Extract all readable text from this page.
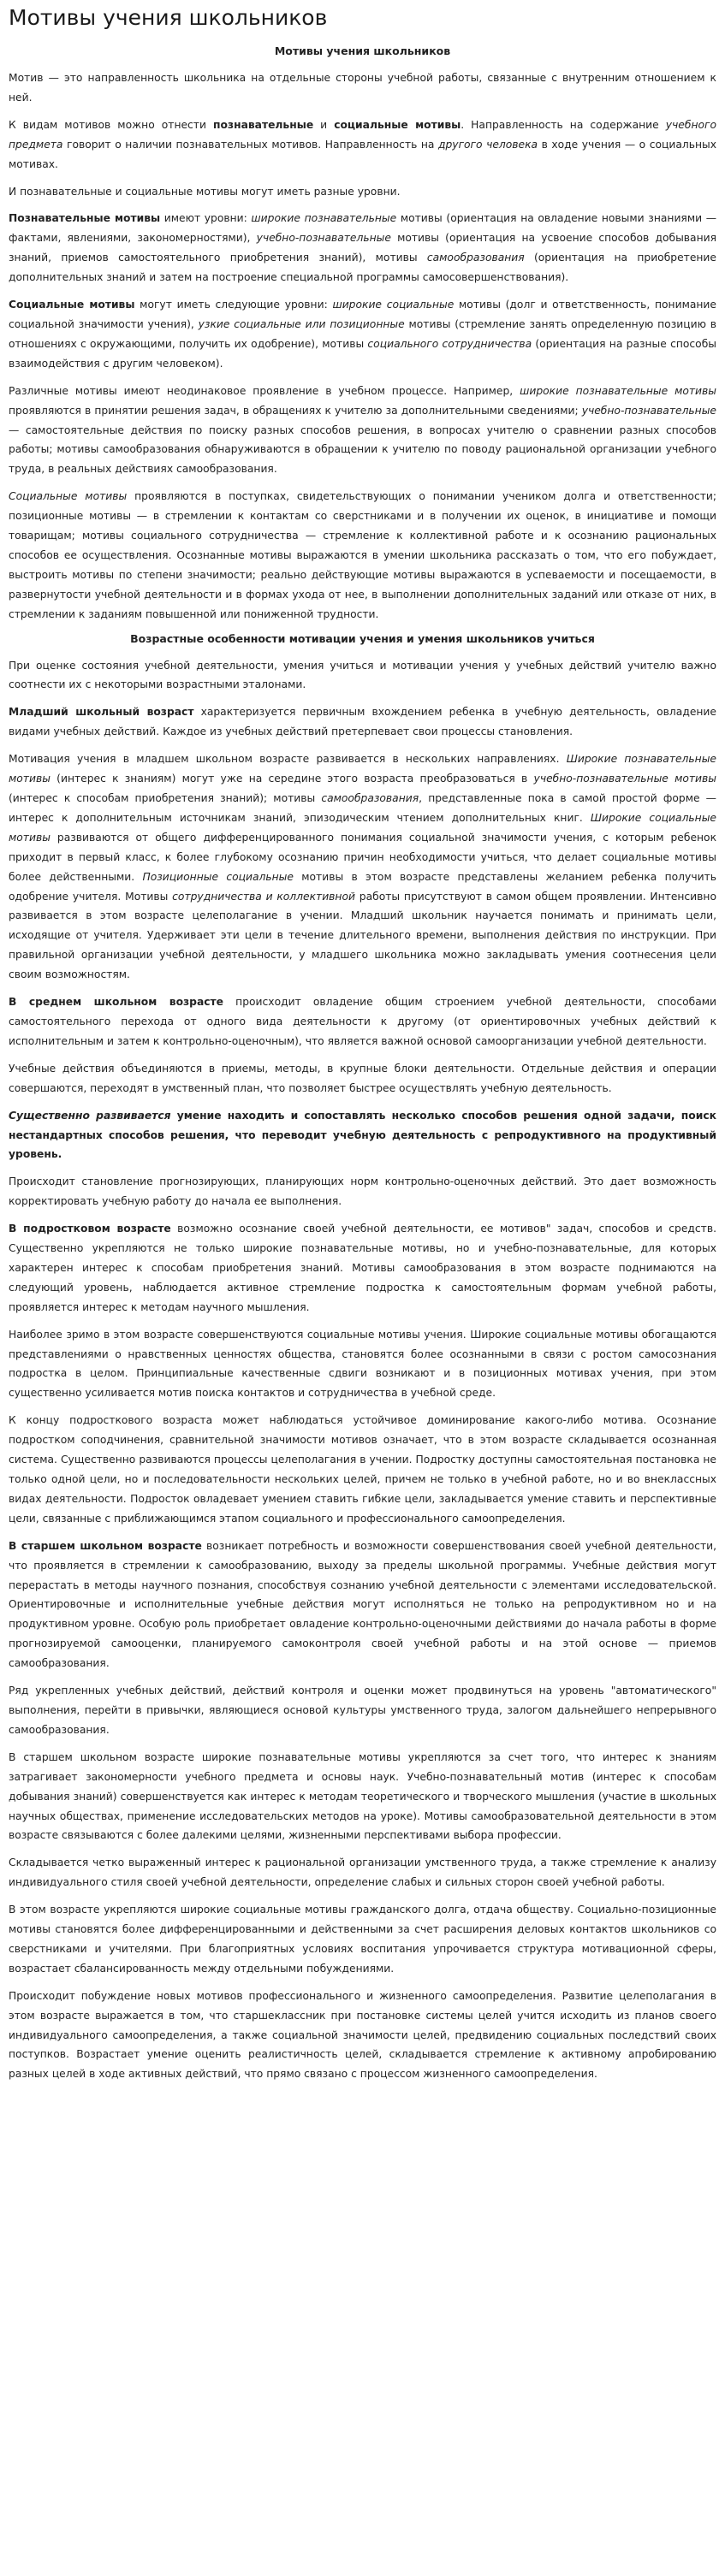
Мотивы учения школьников
Мотивы учения школьников

Мотив — это направленность школьника на отдельные стороны учебной работы, связанные с внутренним отношением к ней.

К видам мотивов можно отнести познавательные и социальные мотивы. Направленность на содержание учебного предмета говорит о наличии познавательных мотивов. Направленность на другого человека в ходе учения — о социальных мотивах.

И познавательные и социальные мотивы могут иметь разные уровни.

Познавательные мотивы имеют уровни: широкие познавательные мотивы (ориентация на овладение новыми знаниями — фактами, явлениями, закономерностями), учебно-познавательные мотивы (ориентация на усвоение способов добывания знаний, приемов самостоятельного приобретения знаний), мотивы самообразования (ориентация на приобретение дополнительных знаний и затем на построение специальной программы самосовершенствования).

Социальные мотивы могут иметь следующие уровни: широкие социальные мотивы (долг и ответственность, понимание социальной значимости учения), узкие социальные или позиционные мотивы (стремление занять определенную позицию в отношениях с окружающими, получить их одобрение), мотивы социального сотрудничества (ориентация на разные способы взаимодействия с другим человеком).

Различные мотивы имеют неодинаковое проявление в учебном процессе. Например, широкие познавательные мотивы проявляются в принятии решения задач, в обращениях к учителю за дополнительными сведениями; учебно-познавательные — самостоятельные действия по поиску разных способов решения, в вопросах учителю о сравнении разных способов работы; мотивы самообразования обнаруживаются в обращении к учителю по поводу рациональной организации учебного труда, в реальных действиях самообразования.

Социальные мотивы проявляются в поступках, свидетельствующих о понимании учеником долга и ответственности; позиционные мотивы — в стремлении к контактам со сверстниками и в получении их оценок, в инициативе и помощи товарищам; мотивы социального сотрудничества — стремление к коллективной работе и к осознанию рациональных способов ее осуществления. Осознанные мотивы выражаются в умении школьника рассказать о том, что его побуждает, выстроить мотивы по степени значимости; реально действующие мотивы выражаются в успеваемости и посещаемости, в развернутости учебной деятельности и в формах ухода от нее, в выполнении дополнительных заданий или отказе от них, в стремлении к заданиям повышенной или пониженной трудности.

Возрастные особенности мотивации учения и умения школьников учиться

При оценке состояния учебной деятельности, умения учиться и мотивации учения у учебных действий учителю важно соотнести их с некоторыми возрастными эталонами.

Младший школьный возраст характеризуется первичным вхождением ребенка в учебную деятельность, овладение видами учебных действий. Каждое из учебных действий претерпевает свои процессы становления.

Мотивация учения в младшем школьном возрасте развивается в нескольких направлениях. Широкие познавательные мотивы (интерес к знаниям) могут уже на середине этого возраста преобразоваться в учебно-познавательные мотивы (интерес к способам приобретения знаний); мотивы самообразования, представленные пока в самой простой форме — интерес к дополнительным источникам знаний, эпизодическим чтением дополнительных книг. Широкие социальные мотивы развиваются от общего дифференцированного понимания социальной значимости учения, с которым ребенок приходит в первый класс, к более глубокому осознанию причин необходимости учиться, что делает социальные мотивы более действенными. Позиционные социальные мотивы в этом возрасте представлены желанием ребенка получить одобрение учителя. Мотивы сотрудничества и коллективной работы присутствуют в самом общем проявлении. Интенсивно развивается в этом возрасте целеполагание в учении. Младший школьник научается понимать и принимать цели, исходящие от учителя. Удерживает эти цели в течение длительного времени, выполнения действия по инструкции. При правильной организации учебной деятельности, у младшего школьника можно закладывать умения соотнесения цели своим возможностям.

В среднем школьном возрасте происходит овладение общим строением учебной деятельности, способами самостоятельного перехода от одного вида деятельности к другому (от ориентировочных учебных действий к исполнительным и затем к контрольно-оценочным), что является важной основой самоорганизации учебной деятельности.

Учебные действия объединяются в приемы, методы, в крупные блоки деятельности. Отдельные действия и операции совершаются, переходят в умственный план, что позволяет быстрее осуществлять учебную деятельность.

Существенно развивается умение находить и сопоставлять несколько способов решения одной задачи, поиск нестандартных способов решения, что переводит учебную деятельность с репродуктивного на продуктивный уровень.

Происходит становление прогнозирующих, планирующих норм контрольно-оценочных действий. Это дает возможность корректировать учебную работу до начала ее выполнения.

В подростковом возрасте возможно осознание своей учебной деятельности, ее мотивов" задач, способов и средств. Существенно укрепляются не только широкие познавательные мотивы, но и учебно-познавательные, для которых характерен интерес к способам приобретения знаний. Мотивы самообразования в этом возрасте поднимаются на следующий уровень, наблюдается активное стремление подростка к самостоятельным формам учебной работы, проявляется интерес к методам научного мышления.

Наиболее зримо в этом возрасте совершенствуются социальные мотивы учения. Широкие социальные мотивы обогащаются представлениями о нравственных ценностях общества, становятся более осознанными в связи с ростом самосознания подростка в целом. Принципиальные качественные сдвиги возникают и в позиционных мотивах учения, при этом существенно усиливается мотив поиска контактов и сотрудничества в учебной среде.

К концу подросткового возраста может наблюдаться устойчивое доминирование какого-либо мотива. Осознание подростком соподчинения, сравнительной значимости мотивов означает, что в этом возрасте складывается осознанная система. Существенно развиваются процессы целеполагания в учении. Подростку доступны самостоятельная постановка не только одной цели, но и последовательности нескольких целей, причем не только в учебной работе, но и во внеклассных видах деятельности. Подросток овладевает умением ставить гибкие цели, закладывается умение ставить и перспективные цели, связанные с приближающимся этапом социального и профессионального самоопределения.

В старшем школьном возрасте возникает потребность и возможности совершенствования своей учебной деятельности, что проявляется в стремлении к самообразованию, выходу за пределы школьной программы. Учебные действия могут перерастать в методы научного познания, способствуя сознанию учебной деятельности с элементами исследовательской. Ориентировочные и исполнительные учебные действия могут исполняться не только на репродуктивном но и на продуктивном уровне. Особую роль приобретает овладение контрольно-оценочными действиями до начала работы в форме прогнозируемой самооценки, планируемого самоконтроля своей учебной работы и на этой основе — приемов самообразования.

Ряд укрепленных учебных действий, действий контроля и оценки может продвинуться на уровень "автоматического" выполнения, перейти в привычки, являющиеся основой культуры умственного труда, залогом дальнейшего непрерывного самообразования.

В старшем школьном возрасте широкие познавательные мотивы укрепляются за счет того, что интерес к знаниям затрагивает закономерности учебного предмета и основы наук. Учебно-познавательный мотив (интерес к способам добывания знаний) совершенствуется как интерес к методам теоретического и творческого мышления (участие в школьных научных обществах, применение исследовательских методов на уроке). Мотивы самообразовательной деятельности в этом возрасте связываются с более далекими целями, жизненными перспективами выбора профессии.

Складывается четко выраженный интерес к рациональной организации умственного труда, а также стремление к анализу индивидуального стиля своей учебной деятельности, определение слабых и сильных сторон своей учебной работы.

В этом возрасте укрепляются широкие социальные мотивы гражданского долга, отдача обществу. Социально-позиционные мотивы становятся более дифференцированными и действенными за счет расширения деловых контактов школьников со сверстниками и учителями. При благоприятных условиях воспитания упрочивается структура мотивационной сферы, возрастает сбалансированность между отдельными побуждениями.

Происходит побуждение новых мотивов профессионального и жизненного самоопределения. Развитие целеполагания в этом возрасте выражается в том, что старшеклассник при постановке системы целей учится исходить из планов своего индивидуального самоопределения, а также социальной значимости целей, предвидению социальных последствий своих поступков. Возрастает умение оценить реалистичность целей, складывается стремление к активному апробированию разных целей в ходе активных действий, что прямо связано с процессом жизненного самоопределения.
